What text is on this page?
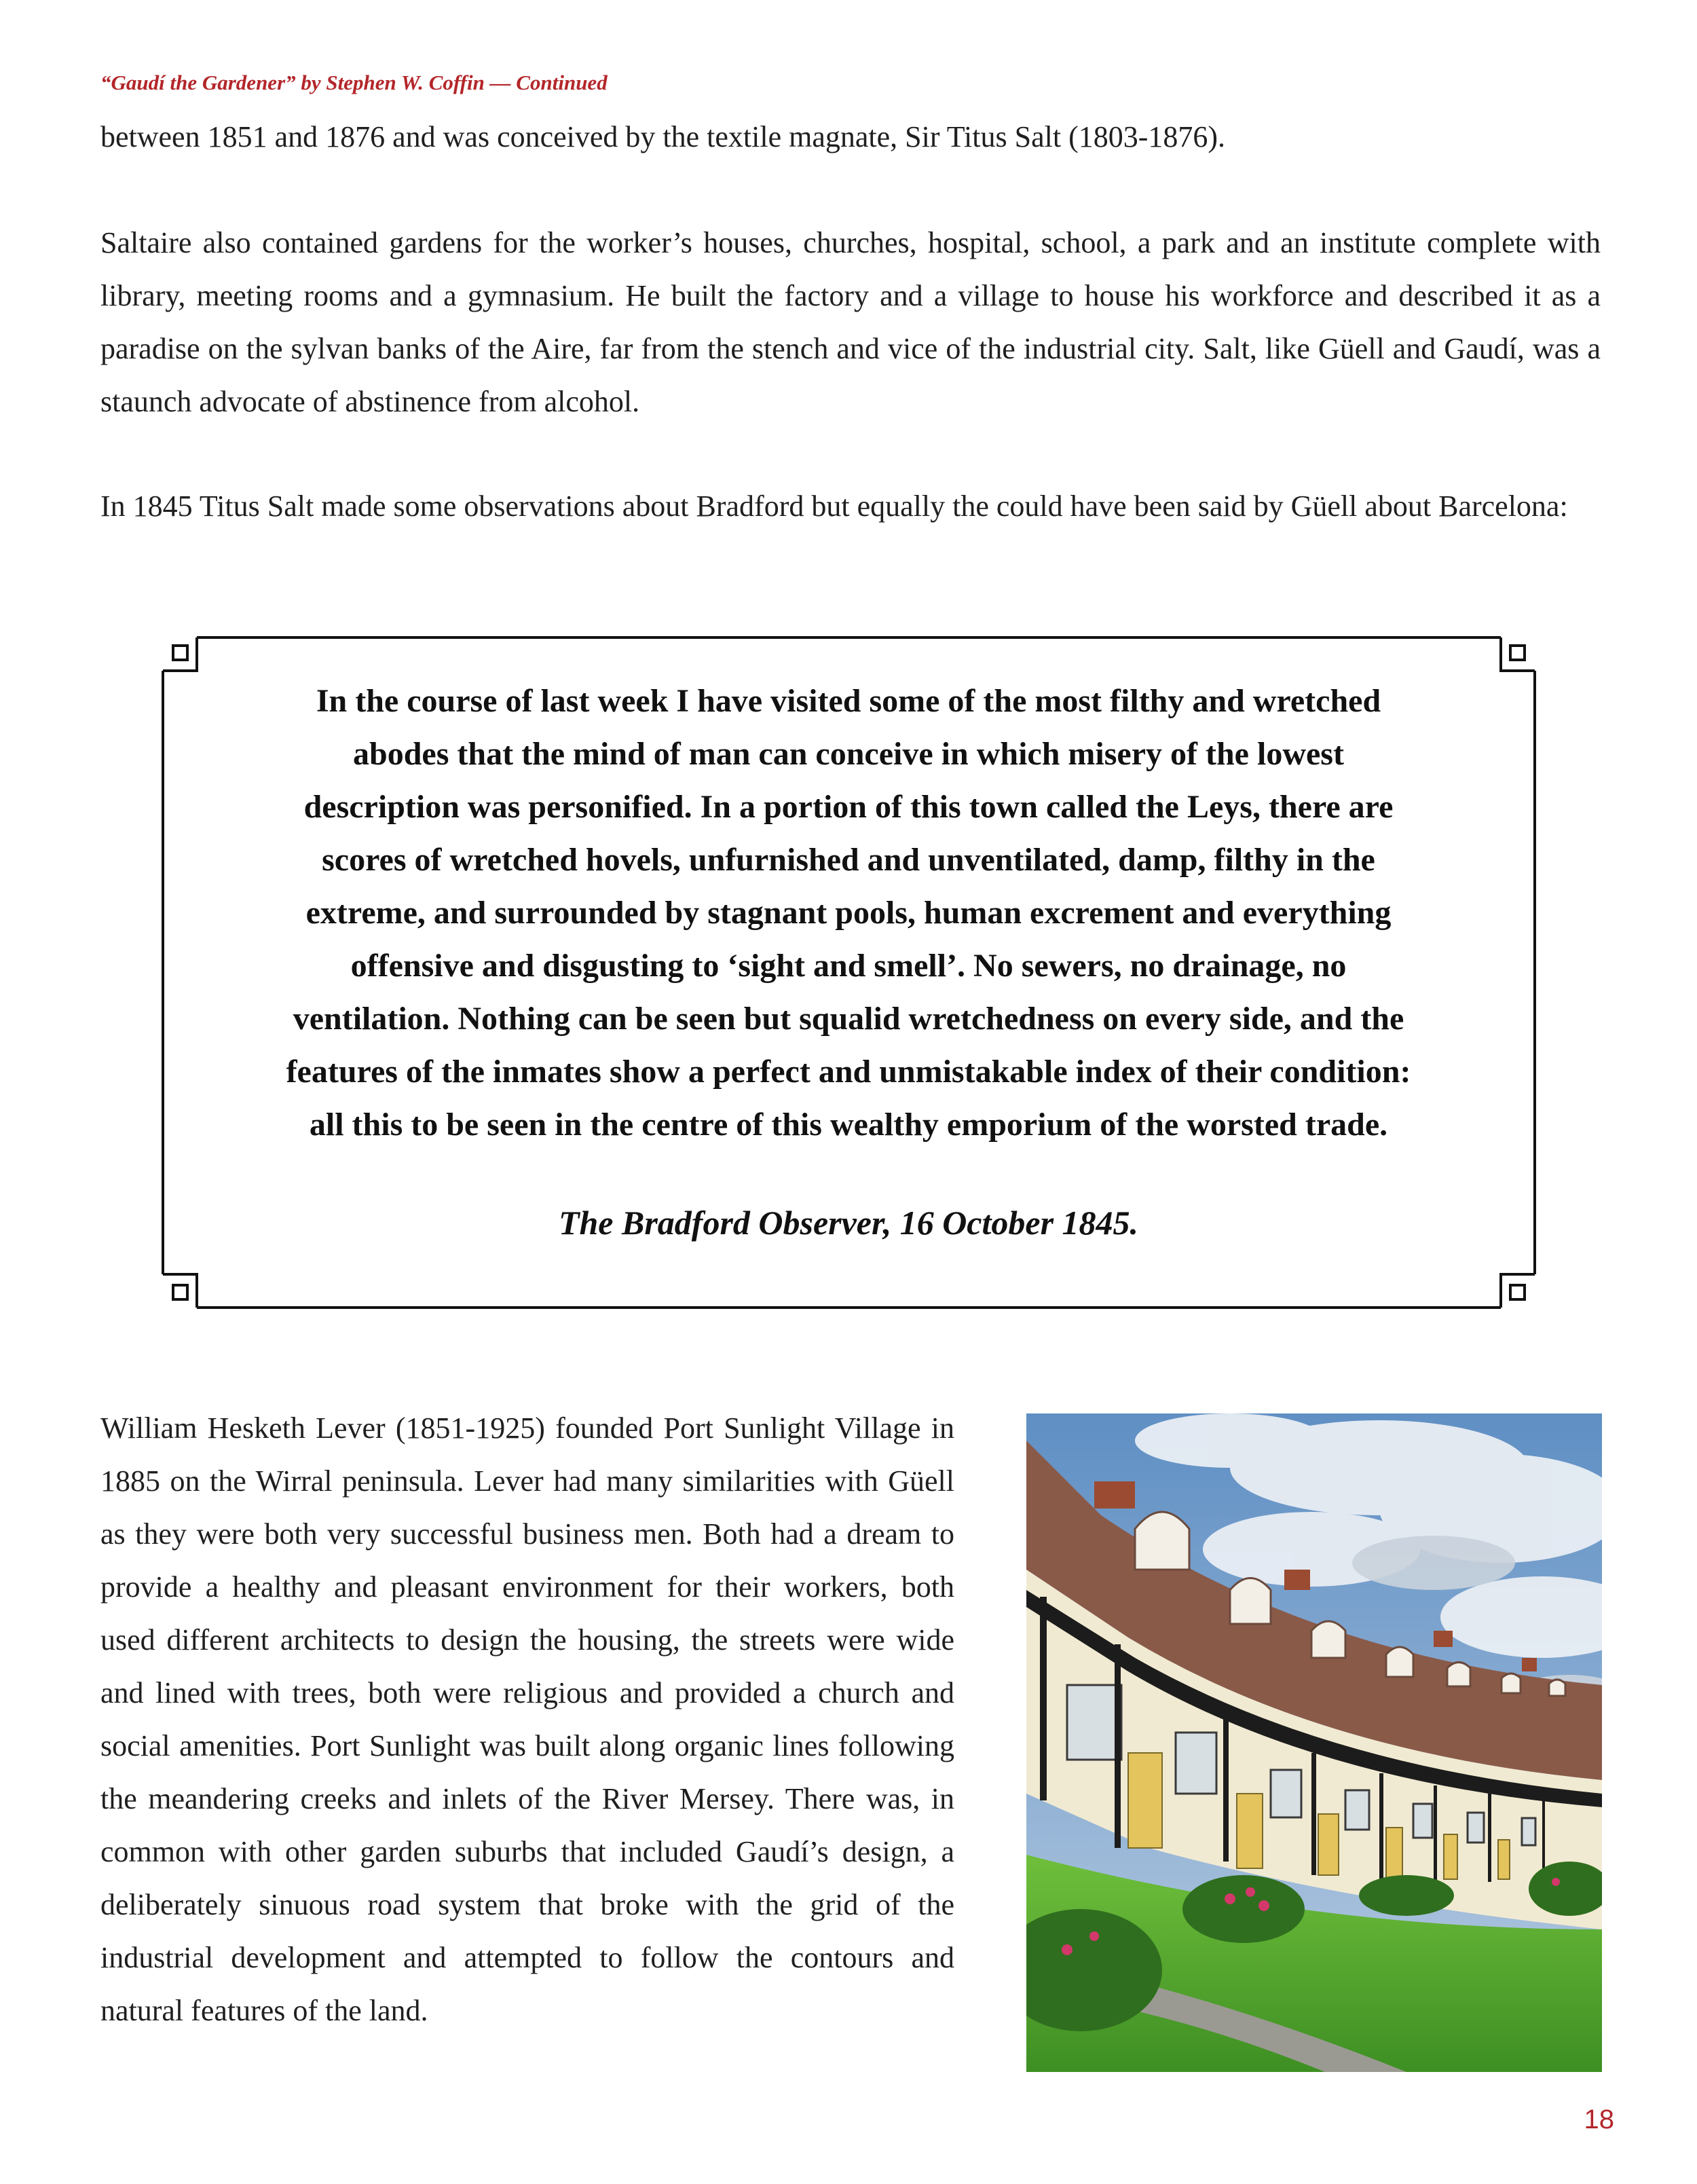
“Gaudí the Gardener” by Stephen W. Coffin — Continued

between 1851 and 1876 and was conceived by the textile magnate, Sir Titus Salt (1803-1876).

Saltaire also contained gardens for the worker’s houses, churches, hospital, school, a park and an institute complete with library, meeting rooms and a gymnasium. He built the factory and a village to house his workforce and described it as a paradise on the sylvan banks of the Aire, far from the stench and vice of the industrial city. Salt, like Güell and Gaudí, was a staunch advocate of abstinence from alcohol.

In 1845 Titus Salt made some observations about Bradford but equally the could have been said by Güell about Barcelona:

In the course of last week I have visited some of the most filthy and wretched
abodes that the mind of man can conceive in which misery of the lowest
description was personified. In a portion of this town called the Leys, there are
scores of wretched hovels, unfurnished and unventilated, damp, filthy in the
extreme, and surrounded by stagnant pools, human excrement and everything
offensive and disgusting to ‘sight and smell’. No sewers, no drainage, no
ventilation. Nothing can be seen but squalid wretchedness on every side, and the
features of the inmates show a perfect and unmistakable index of their condition:
all this to be seen in the centre of this wealthy emporium of the worsted trade.
The Bradford Observer, 16 October 1845.

William Hesketh Lever (1851-1925) founded Port Sunlight Village in 1885 on the Wirral peninsula. Lever had many similarities with Güell as they were both very successful business men. Both had a dream to provide a healthy and pleasant environment for their workers, both used different architects to design the housing, the streets were wide and lined with trees, both were religious and provided a church and social amenities. Port Sunlight was built along organic lines following the meandering creeks and inlets of the River Mersey. There was, in common with other garden suburbs that included Gaudí’s design, a deliberately sinuous road system that broke with the grid of the industrial development and attempted to follow the contours and natural features of the land.

18
